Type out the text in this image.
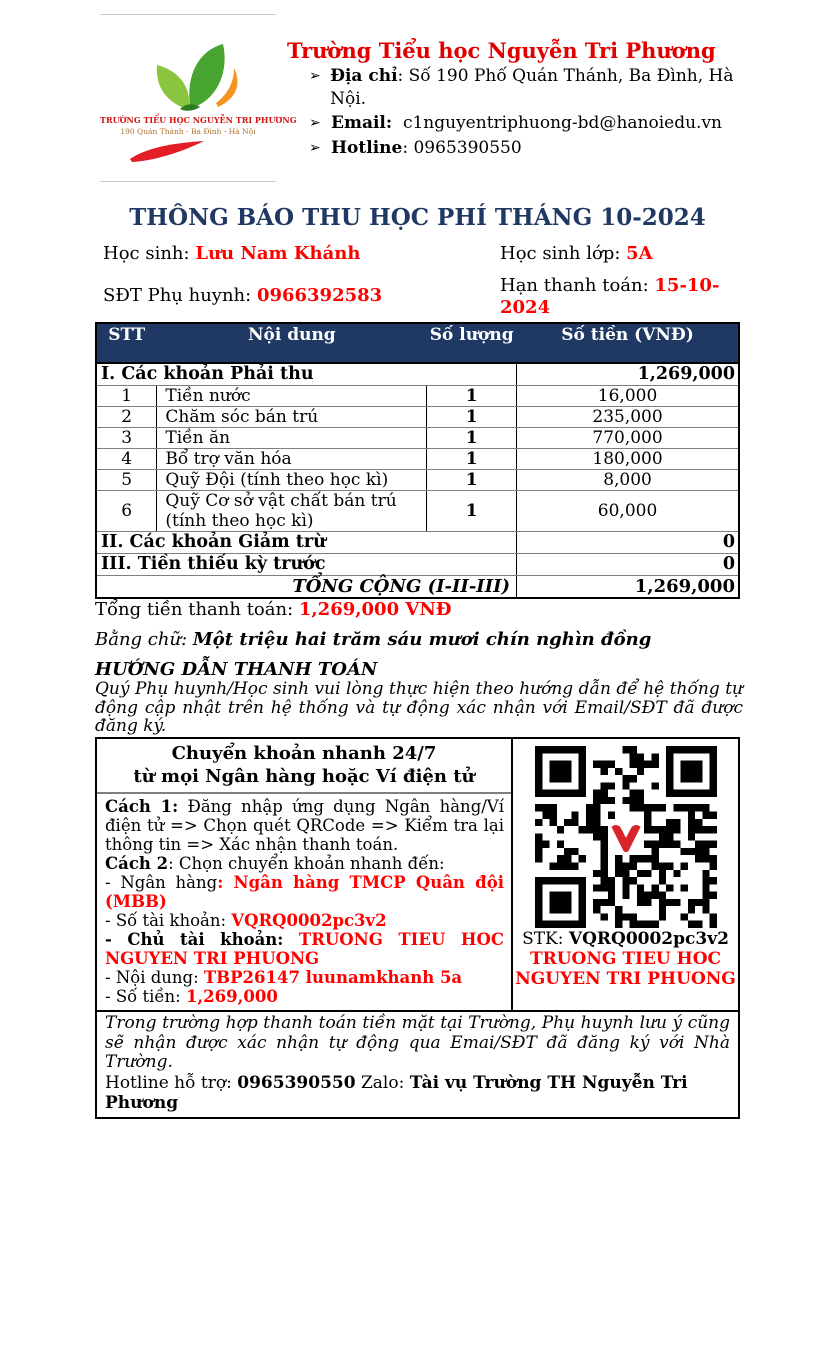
TRƯỜNG TIỂU HỌC NGUYỄN TRI PHƯƠNG
190 Quán Thánh - Ba Đình - Hà Nội
Trường Tiểu học Nguyễn Tri Phương
➢ Địa chỉ: Số 190 Phố Quán Thánh, Ba Đình, Hà Nội.
➢ Email:  c1nguyentriphuong-bd@hanoiedu.vn
➢ Hotline: 0965390550
THÔNG BÁO THU HỌC PHÍ THÁNG 10-2024
Học sinh: Lưu Nam Khánh	Học sinh lớp: 5A
SĐT Phụ huynh: 0966392583	Hạn thanh toán: 15-10-2024
STT	Nội dung	Số lượng	Số tiền (VNĐ)
I. Các khoản Phải thu			1,269,000
1	Tiền nước	1	16,000
2	Chăm sóc bán trú	1	235,000
3	Tiền ăn	1	770,000
4	Bổ trợ văn hóa	1	180,000
5	Quỹ Đội (tính theo học kì)	1	8,000
6	Quỹ Cơ sở vật chất bán trú (tính theo học kì)	1	60,000
II. Các khoản Giảm trừ			0
III. Tiền thiếu kỳ trước			0
TỔNG CỘNG (I-II-III)			1,269,000
Tổng tiền thanh toán: 1,269,000 VNĐ
Bằng chữ: Một triệu hai trăm sáu mươi chín nghìn đồng
HƯỚNG DẪN THANH TOÁN
Quý Phụ huynh/Học sinh vui lòng thực hiện theo hướng dẫn để hệ thống tự động cập nhật trên hệ thống và tự động xác nhận với Email/SĐT đã được đăng ký.
Chuyển khoản nhanh 24/7
từ mọi Ngân hàng hoặc Ví điện tử
Cách 1: Đăng nhập ứng dụng Ngân hàng/Ví điện tử => Chọn quét QRCode => Kiểm tra lại thông tin => Xác nhận thanh toán.
Cách 2: Chọn chuyển khoản nhanh đến:
- Ngân hàng: Ngân hàng TMCP Quân đội (MBB)
- Số tài khoản: VQRQ0002pc3v2
- Chủ tài khoản: TRUONG TIEU HOC NGUYEN TRI PHUONG
- Nội dung: TBP26147 luunamkhanh 5a
- Số tiền: 1,269,000
STK: VQRQ0002pc3v2
TRUONG TIEU HOC
NGUYEN TRI PHUONG
Trong trường hợp thanh toán tiền mặt tại Trường, Phụ huynh lưu ý cũng sẽ nhận được xác nhận tự động qua Emai/SĐT đã đăng ký với Nhà Trường.
Hotline hỗ trợ: 0965390550 Zalo: Tài vụ Trường TH Nguyễn Tri Phương
